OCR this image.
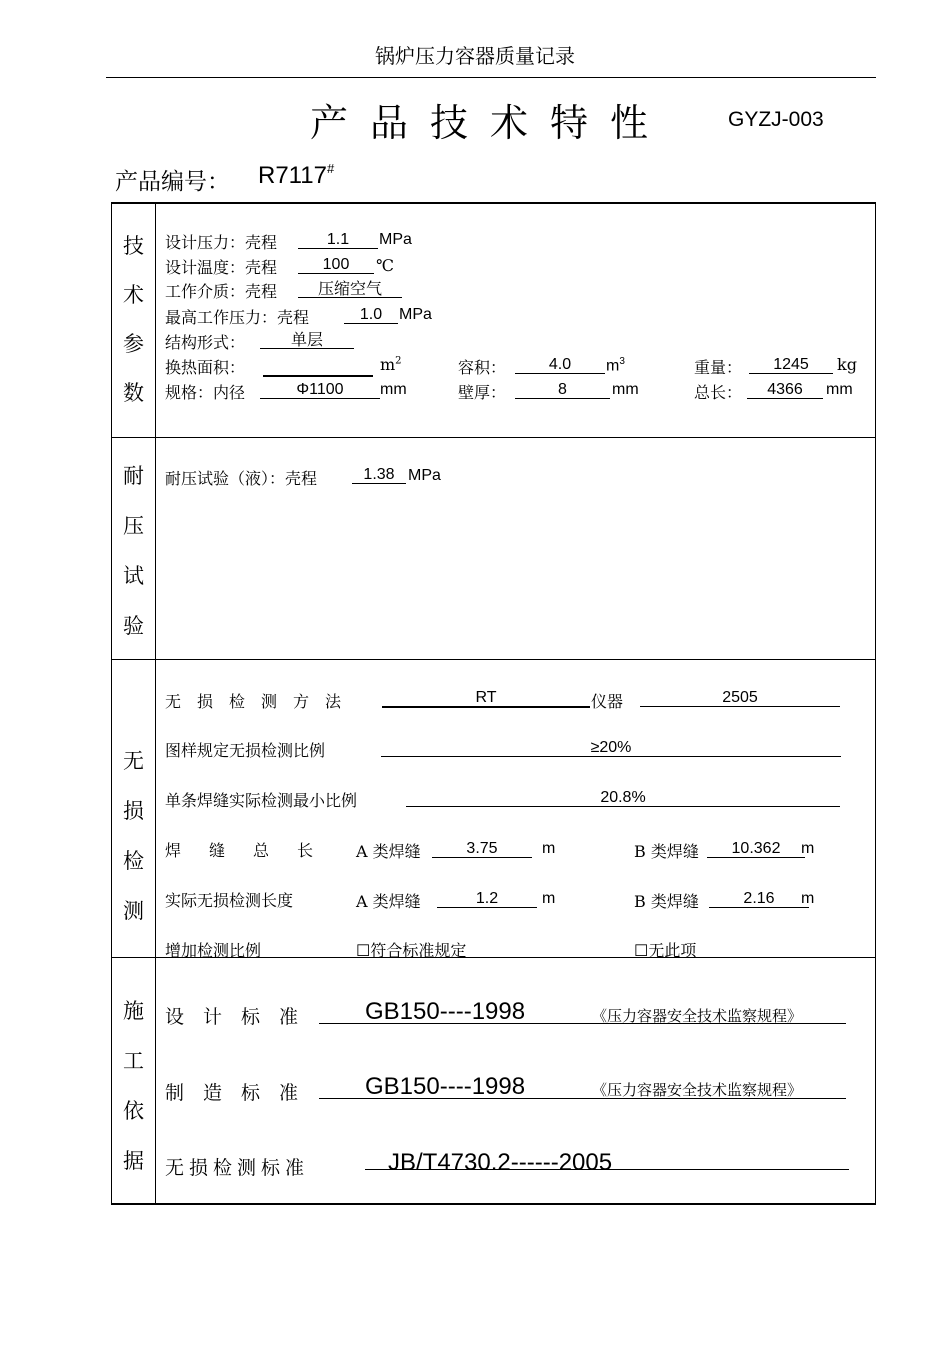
锅炉压力容器质量记录
产品技术特性	GYZJ-003
产品编号： R7117#
技
术
参
数
耐
压
试
验
无
损
检
测
施
工
依
据
设计压力：壳程	1.1	MPa
设计温度：壳程	100	℃
工作介质：壳程	压缩空气
最高工作压力：壳程	1.0	MPa
结构形式：	单层
换热面积：	$m^2$	容积：	4.0	$m^3$	重量：	1245	kg
规格：内径	Φ1100	mm	壁厚：	8	mm	总长：	4366	mm
耐压试验（液）：壳程	1.38 MPa
无损检测方法	RT	仪器	2505
图样规定无损检测比例	≥20%
单条焊缝实际检测最小比例	20.8%
焊缝总长 A 类焊缝	3.75	m	B 类焊缝	10.362	m
实际无损检测长度	A 类焊缝	1.2	m	B 类焊缝	2.16	m
增加检测比例	☐符合标准规定	☐无此项
设计标准 GB150----1998	《压力容器安全技术监察规程》
制造标准 GB150----1998	《压力容器安全技术监察规程》
无损检测标准	JB/T4730.2------2005
